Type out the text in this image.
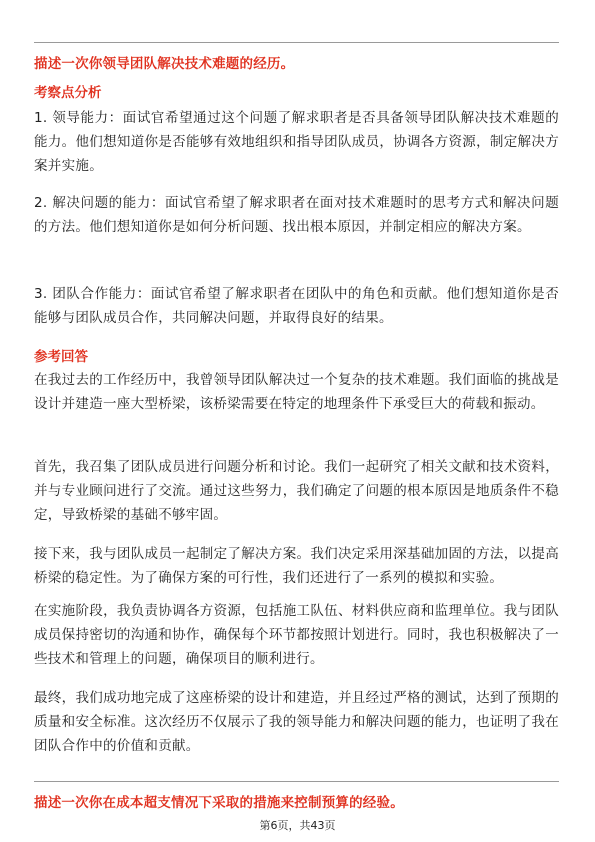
描述一次你领导团队解决技术难题的经历。
考察点分析
1. 领导能力：面试官希望通过这个问题了解求职者是否具备领导团队解决技术难题的能力。他们想知道你是否能够有效地组织和指导团队成员，协调各方资源，制定解决方案并实施。
2. 解决问题的能力：面试官希望了解求职者在面对技术难题时的思考方式和解决问题的方法。他们想知道你是如何分析问题、找出根本原因，并制定相应的解决方案。
3. 团队合作能力：面试官希望了解求职者在团队中的角色和贡献。他们想知道你是否能够与团队成员合作，共同解决问题，并取得良好的结果。
参考回答
在我过去的工作经历中，我曾领导团队解决过一个复杂的技术难题。我们面临的挑战是设计并建造一座大型桥梁，该桥梁需要在特定的地理条件下承受巨大的荷载和振动。
首先，我召集了团队成员进行问题分析和讨论。我们一起研究了相关文献和技术资料，并与专业顾问进行了交流。通过这些努力，我们确定了问题的根本原因是地质条件不稳定，导致桥梁的基础不够牢固。
接下来，我与团队成员一起制定了解决方案。我们决定采用深基础加固的方法，以提高桥梁的稳定性。为了确保方案的可行性，我们还进行了一系列的模拟和实验。
在实施阶段，我负责协调各方资源，包括施工队伍、材料供应商和监理单位。我与团队成员保持密切的沟通和协作，确保每个环节都按照计划进行。同时，我也积极解决了一些技术和管理上的问题，确保项目的顺利进行。
最终，我们成功地完成了这座桥梁的设计和建造，并且经过严格的测试，达到了预期的质量和安全标准。这次经历不仅展示了我的领导能力和解决问题的能力，也证明了我在团队合作中的价值和贡献。
描述一次你在成本超支情况下采取的措施来控制预算的经验。
第6页，共43页
